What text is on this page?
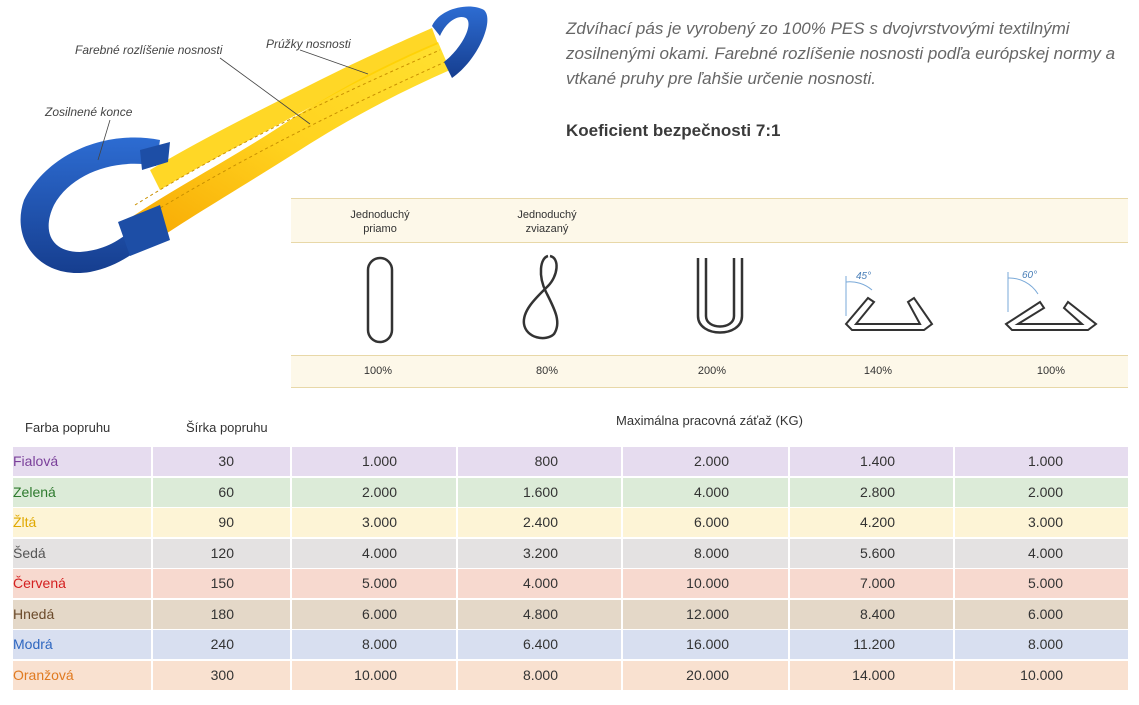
Farebné rozlíšenie nosnosti	Prúžky nosnosti
Zosilnené konce
Zdvíhací pás je vyrobený zo 100% PES s dvojvrstvovými textilnými zosilnenými okami. Farebné rozlíšenie nosnosti podľa európskej normy a vtkané pruhy pre ľahšie určenie nosnosti.
Koeficient bezpečnosti 7:1
Jednoduchý
priamo
Jednoduchý
zviazaný
45°	60°
100%	80%	200%	140%	100%
Farba popruhu	Šírka popruhu	Maximálna pracovná záťaž (KG)
Fialová	30	1.000	800	2.000	1.400	1.000
Zelená	60	2.000	1.600	4.000	2.800	2.000
Žltá	90	3.000	2.400	6.000	4.200	3.000
Šedá	120	4.000	3.200	8.000	5.600	4.000
Červená	150	5.000	4.000	10.000	7.000	5.000
Hnedá	180	6.000	4.800	12.000	8.400	6.000
Modrá	240	8.000	6.400	16.000	11.200	8.000
Oranžová	300	10.000	8.000	20.000	14.000	10.000
